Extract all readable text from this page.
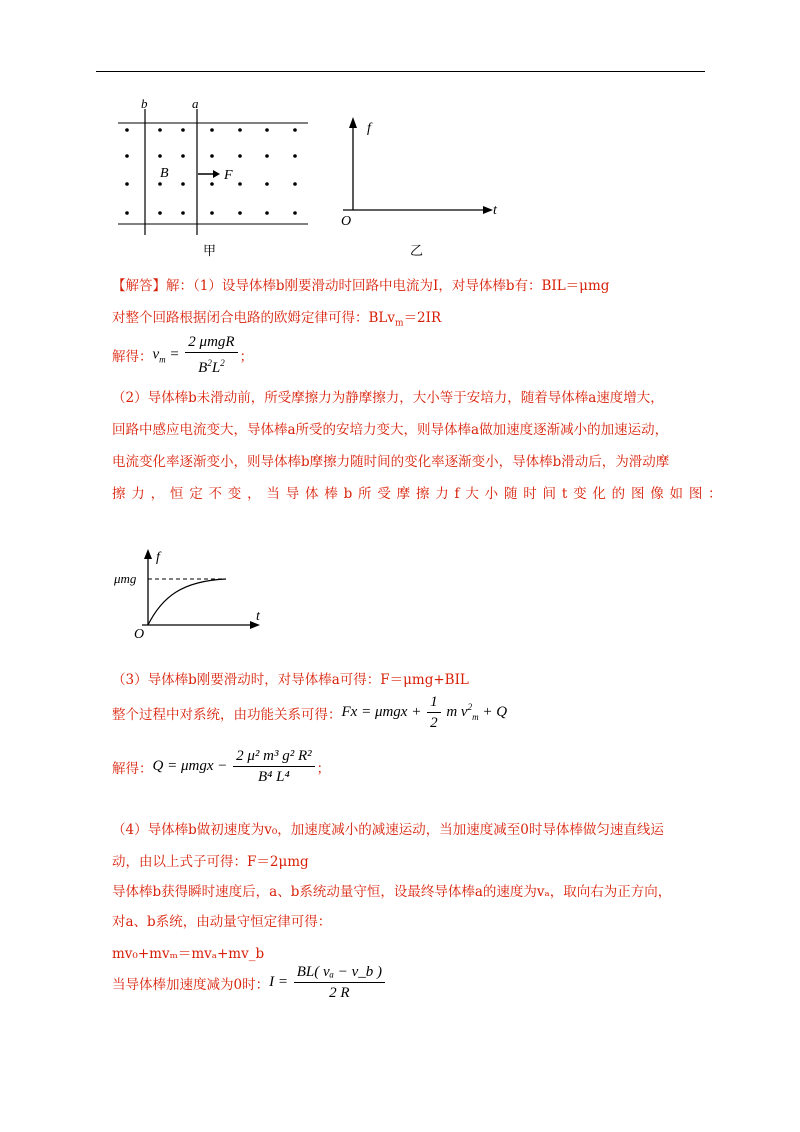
b	a
B	F
甲
f
O
t
乙
【解答】解：（1）设导体棒b刚要滑动时回路中电流为I，对导体棒b有：BIL＝μmg
对整个回路根据闭合电路的欧姆定律可得：BLv$_m$＝2IR
解得： $v_m = \frac{\text{2 μmgR}}{B^2L^2}$ ；
（2）导体棒b未滑动前，所受摩擦力为静摩擦力，大小等于安培力，随着导体棒a速度增大，
回路中感应电流变大，导体棒a所受的安培力变大，则导体棒a做加速度逐渐减小的加速运动，
电流变化率逐渐变小，则导体棒b摩擦力随时间的变化率逐渐变小，导体棒b滑动后，为滑动摩
擦力，恒定不变，当导体棒b所受摩擦力f大小随时间t变化的图像如图：
f
μmg
O
t
（3）导体棒b刚要滑动时，对导体棒a可得：F＝μmg+BIL
整个过程中对系统，由功能关系可得： $Fx = \mu mgx + \frac{1}{2}$ m $v^2_m + Q$
解得： $Q = \mu mgx - \frac{\text{2 μ² m³ g² R²}}{\text{B⁴ L⁴}}$ ；
（4）导体棒b做初速度为v₀，加速度减小的减速运动，当加速度减至0时导体棒做匀速直线运
动，由以上式子可得：F＝2μmg
导体棒b获得瞬时速度后，a、b系统动量守恒，设最终导体棒a的速度为vₐ，取向右为正方向，
对a、b系统，由动量守恒定律可得：
mv₀+mvₘ＝mvₐ+mv_b
当导体棒加速度减为0时： $I = \frac{\text{BL( vₐ − v\_b )}}{2 R}$
